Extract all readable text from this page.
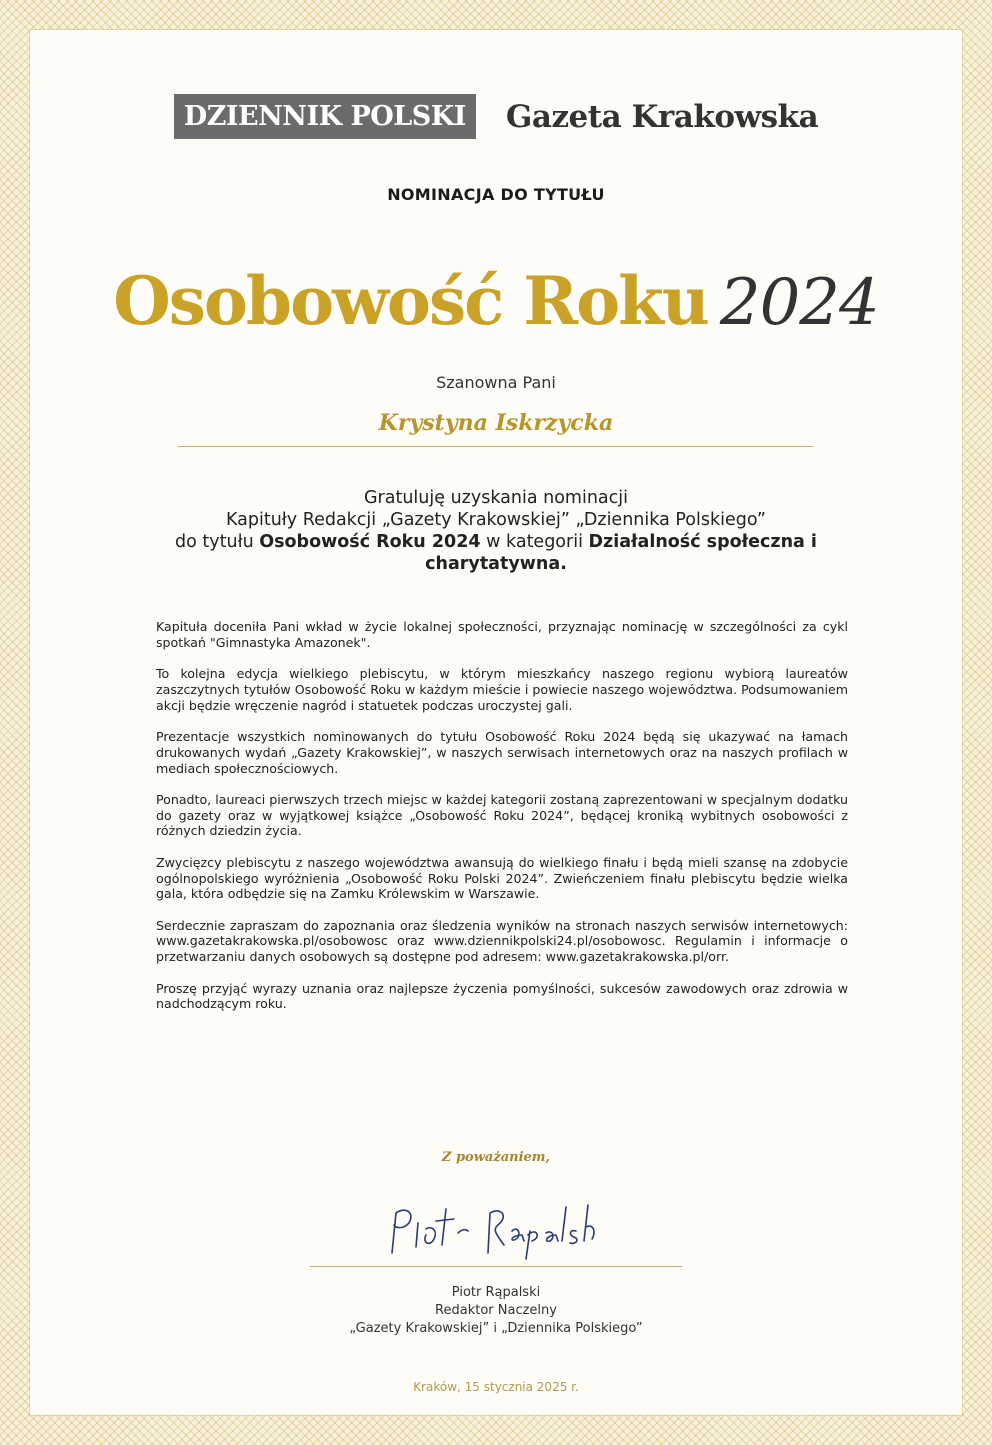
DZIENNIK POLSKI	Gazeta Krakowska
NOMINACJA DO TYTUŁU
Osobowość Roku 2024
Szanowna Pani
Krystyna Iskrzycka
Gratuluję uzyskania nominacji
Kapituły Redakcji „Gazety Krakowskiej” „Dziennika Polskiego”
do tytułu Osobowość Roku 2024 w kategorii Działalność społeczna i charytatywna.

Kapituła doceniła Pani wkład w życie lokalnej społeczności, przyznając nominację w szczególności za cykl spotkań "Gimnastyka Amazonek".

To kolejna edycja wielkiego plebiscytu, w którym mieszkańcy naszego regionu wybiorą laureatów zaszczytnych tytułów Osobowość Roku w każdym mieście i powiecie naszego województwa. Podsumowaniem akcji będzie wręczenie nagród i statuetek podczas uroczystej gali.

Prezentacje wszystkich nominowanych do tytułu Osobowość Roku 2024 będą się ukazywać na łamach drukowanych wydań „Gazety Krakowskiej”, w naszych serwisach internetowych oraz na naszych profilach w mediach społecznościowych.

Ponadto, laureaci pierwszych trzech miejsc w każdej kategorii zostaną zaprezentowani w specjalnym dodatku do gazety oraz w wyjątkowej książce „Osobowość Roku 2024”, będącej kroniką wybitnych osobowości z różnych dziedzin życia.

Zwycięzcy plebiscytu z naszego województwa awansują do wielkiego finału i będą mieli szansę na zdobycie ogólnopolskiego wyróżnienia „Osobowość Roku Polski 2024”. Zwieńczeniem finału plebiscytu będzie wielka gala, która odbędzie się na Zamku Królewskim w Warszawie.

Serdecznie zapraszam do zapoznania oraz śledzenia wyników na stronach naszych serwisów internetowych: www.gazetakrakowska.pl/osobowosc oraz www.dziennikpolski24.pl/osobowosc. Regulamin i informacje o przetwarzaniu danych osobowych są dostępne pod adresem: www.gazetakrakowska.pl/orr.

Proszę przyjąć wyrazy uznania oraz najlepsze życzenia pomyślności, sukcesów zawodowych oraz zdrowia w nadchodzącym roku.

Z poważaniem,
Piotr Rąpalski
Redaktor Naczelny
„Gazety Krakowskiej” i „Dziennika Polskiego”
Kraków, 15 stycznia 2025 r.
